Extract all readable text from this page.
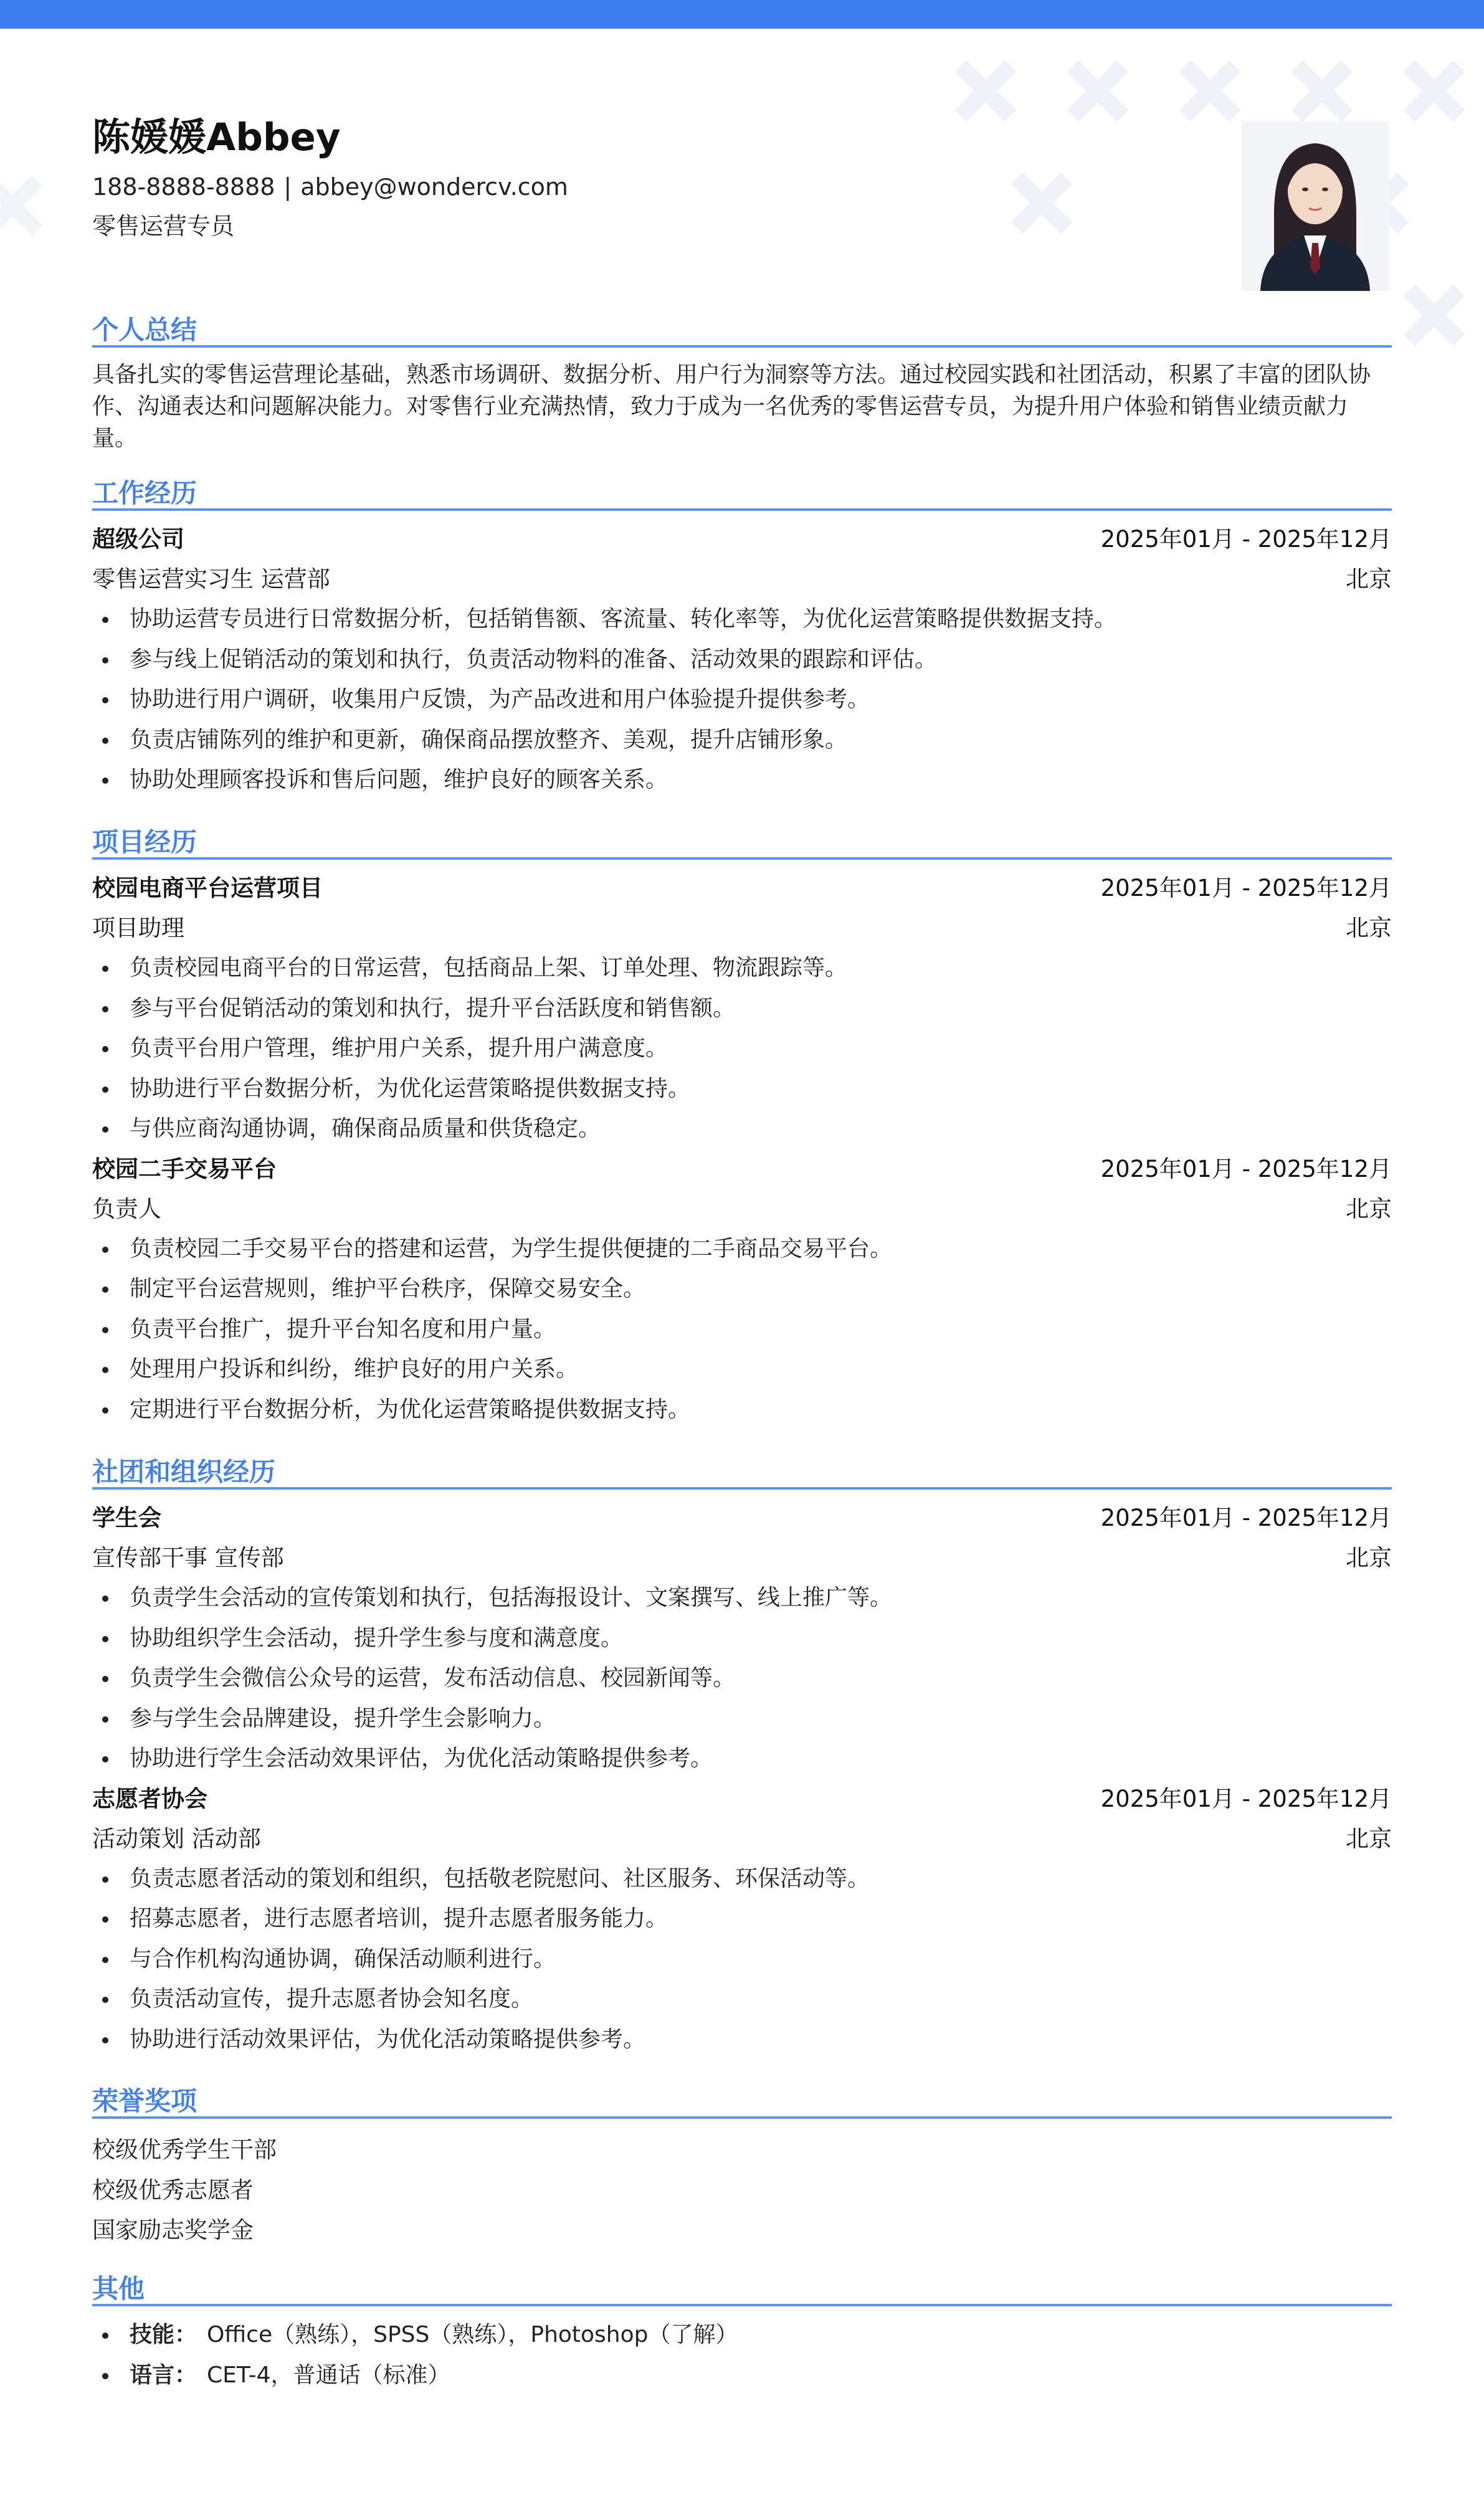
陈媛媛Abbey
188-8888-8888 | abbey@wondercv.com
零售运营专员
个人总结
具备扎实的零售运营理论基础，熟悉市场调研、数据分析、用户行为洞察等方法。通过校园实践和社团活动，积累了丰富的团队协
作、沟通表达和问题解决能力。对零售行业充满热情，致力于成为一名优秀的零售运营专员，为提升用户体验和销售业绩贡献力
量。
工作经历
超级公司	2025年01月 - 2025年12月
零售运营实习生 运营部	北京
协助运营专员进行日常数据分析，包括销售额、客流量、转化率等，为优化运营策略提供数据支持。
参与线上促销活动的策划和执行，负责活动物料的准备、活动效果的跟踪和评估。
协助进行用户调研，收集用户反馈，为产品改进和用户体验提升提供参考。
负责店铺陈列的维护和更新，确保商品摆放整齐、美观，提升店铺形象。
协助处理顾客投诉和售后问题，维护良好的顾客关系。
项目经历
校园电商平台运营项目	2025年01月 - 2025年12月
项目助理	北京
负责校园电商平台的日常运营，包括商品上架、订单处理、物流跟踪等。
参与平台促销活动的策划和执行，提升平台活跃度和销售额。
负责平台用户管理，维护用户关系，提升用户满意度。
协助进行平台数据分析，为优化运营策略提供数据支持。
与供应商沟通协调，确保商品质量和供货稳定。
校园二手交易平台	2025年01月 - 2025年12月
负责人	北京
负责校园二手交易平台的搭建和运营，为学生提供便捷的二手商品交易平台。
制定平台运营规则，维护平台秩序，保障交易安全。
负责平台推广，提升平台知名度和用户量。
处理用户投诉和纠纷，维护良好的用户关系。
定期进行平台数据分析，为优化运营策略提供数据支持。
社团和组织经历
学生会	2025年01月 - 2025年12月
宣传部干事 宣传部	北京
负责学生会活动的宣传策划和执行，包括海报设计、文案撰写、线上推广等。
协助组织学生会活动，提升学生参与度和满意度。
负责学生会微信公众号的运营，发布活动信息、校园新闻等。
参与学生会品牌建设，提升学生会影响力。
协助进行学生会活动效果评估，为优化活动策略提供参考。
志愿者协会	2025年01月 - 2025年12月
活动策划 活动部	北京
负责志愿者活动的策划和组织，包括敬老院慰问、社区服务、环保活动等。
招募志愿者，进行志愿者培训，提升志愿者服务能力。
与合作机构沟通协调，确保活动顺利进行。
负责活动宣传，提升志愿者协会知名度。
协助进行活动效果评估，为优化活动策略提供参考。
荣誉奖项
校级优秀学生干部
校级优秀志愿者
国家励志奖学金
其他
技能： Office（熟练），SPSS（熟练），Photoshop（了解）
语言： CET-4，普通话（标准）
